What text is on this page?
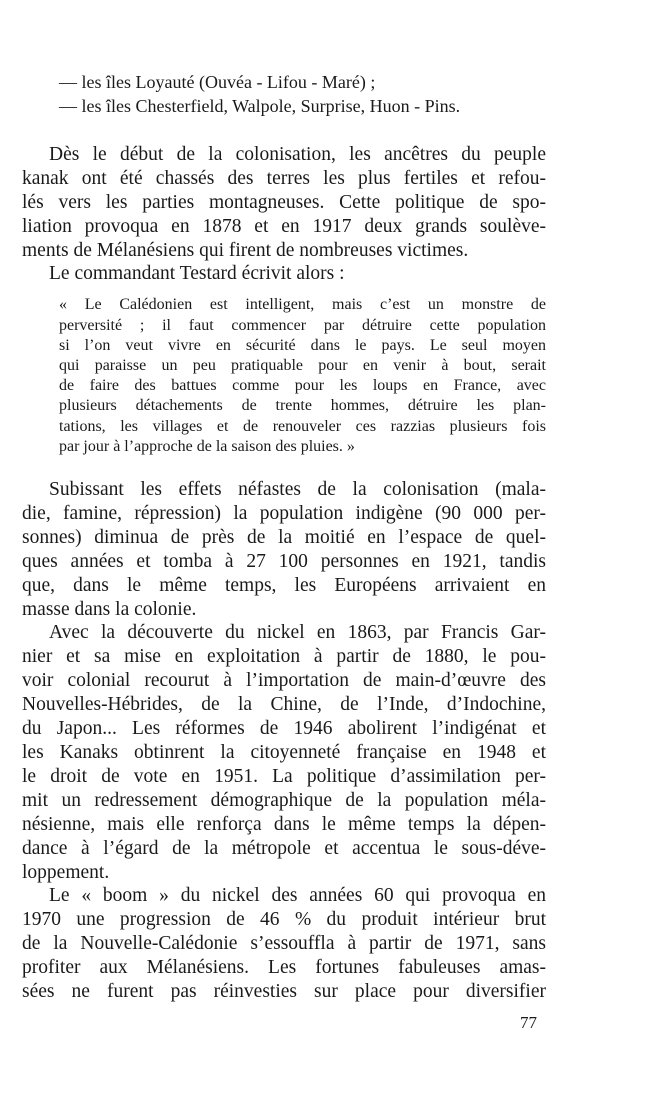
— les îles Loyauté (Ouvéa - Lifou - Maré) ;
— les îles Chesterfield, Walpole, Surprise, Huon - Pins.
Dès le début de la colonisation, les ancêtres du peuple
kanak ont été chassés des terres les plus fertiles et refou-
lés vers les parties montagneuses. Cette politique de spo-
liation provoqua en 1878 et en 1917 deux grands soulève-
ments de Mélanésiens qui firent de nombreuses victimes.
Le commandant Testard écrivit alors :
« Le Calédonien est intelligent, mais c’est un monstre de
perversité ; il faut commencer par détruire cette population
si l’on veut vivre en sécurité dans le pays. Le seul moyen
qui paraisse un peu pratiquable pour en venir à bout, serait
de faire des battues comme pour les loups en France, avec
plusieurs détachements de trente hommes, détruire les plan-
tations, les villages et de renouveler ces razzias plusieurs fois
par jour à l’approche de la saison des pluies. »
Subissant les effets néfastes de la colonisation (mala-
die, famine, répression) la population indigène (90 000 per-
sonnes) diminua de près de la moitié en l’espace de quel-
ques années et tomba à 27 100 personnes en 1921, tandis
que, dans le même temps, les Européens arrivaient en
masse dans la colonie.
Avec la découverte du nickel en 1863, par Francis Gar-
nier et sa mise en exploitation à partir de 1880, le pou-
voir colonial recourut à l’importation de main-d’œuvre des
Nouvelles-Hébrides, de la Chine, de l’Inde, d’Indochine,
du Japon... Les réformes de 1946 abolirent l’indigénat et
les Kanaks obtinrent la citoyenneté française en 1948 et
le droit de vote en 1951. La politique d’assimilation per-
mit un redressement démographique de la population méla-
nésienne, mais elle renforça dans le même temps la dépen-
dance à l’égard de la métropole et accentua le sous-déve-
loppement.
Le « boom » du nickel des années 60 qui provoqua en
1970 une progression de 46 % du produit intérieur brut
de la Nouvelle-Calédonie s’essouffla à partir de 1971, sans
profiter aux Mélanésiens. Les fortunes fabuleuses amas-
sées ne furent pas réinvesties sur place pour diversifier
77
